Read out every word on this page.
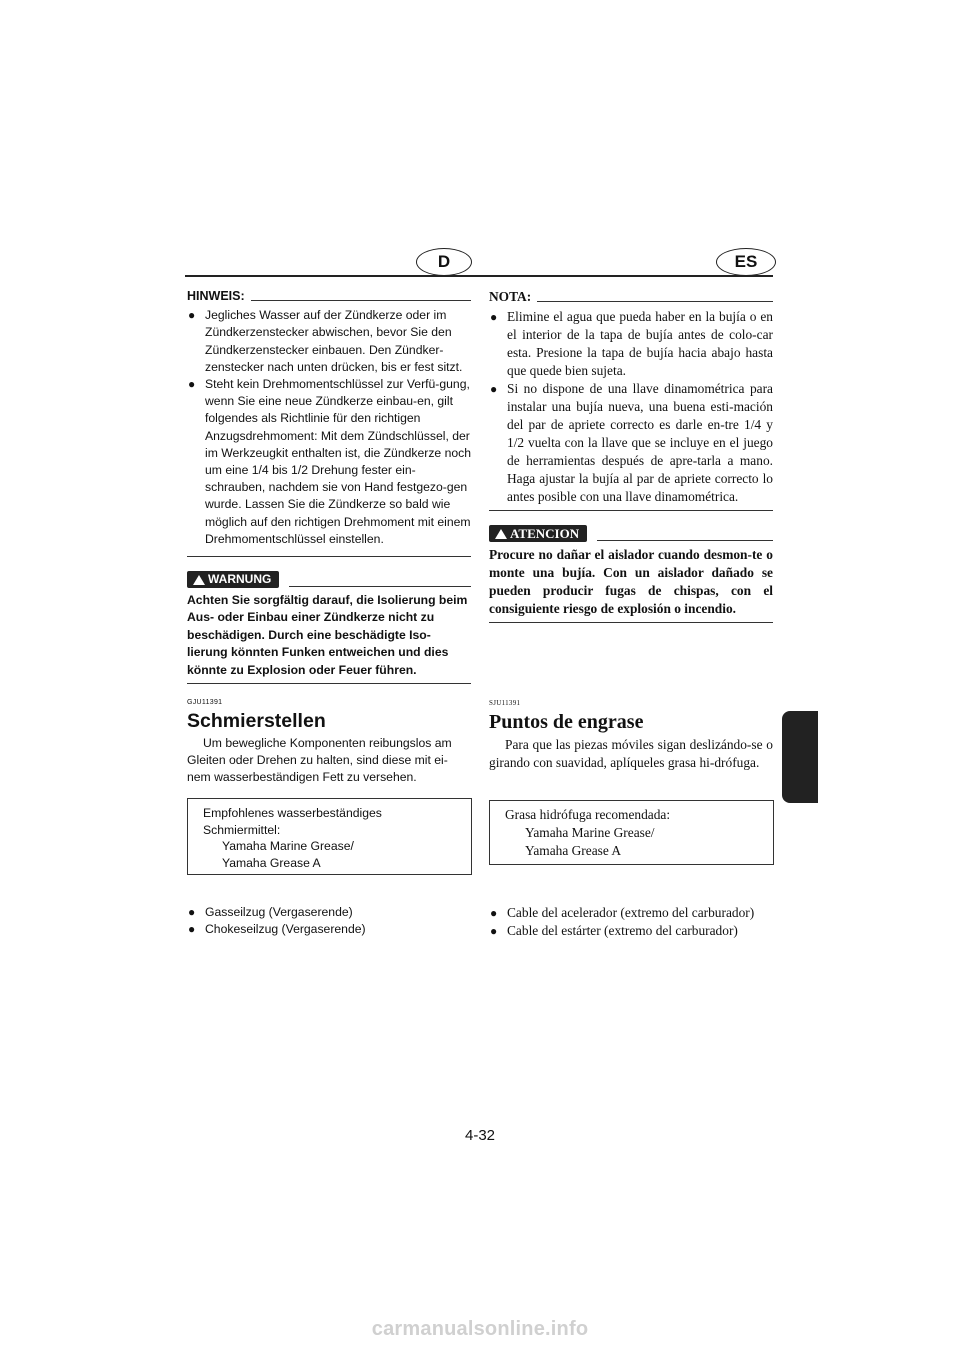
D	ES
HINWEIS:
● Jegliches Wasser auf der Zündkerze oder im Zündkerzenstecker abwischen, bevor Sie den Zündkerzenstecker einbauen. Den Zündker-zenstecker nach unten drücken, bis er fest sitzt.
● Steht kein Drehmomentschlüssel zur Verfü-gung, wenn Sie eine neue Zündkerze einbau-en, gilt folgendes als Richtlinie für den richtigen Anzugsdrehmoment: Mit dem Zündschlüssel, der im Werkzeugkit enthalten ist, die Zündkerze noch um eine 1/4 bis 1/2 Drehung fester ein-schrauben, nachdem sie von Hand festgezo-gen wurde. Lassen Sie die Zündkerze so bald wie möglich auf den richtigen Drehmoment mit einem Drehmomentschlüssel einstellen.
WARNUNG
Achten Sie sorgfältig darauf, die Isolierung beim Aus- oder Einbau einer Zündkerze nicht zu beschädigen. Durch eine beschädigte Iso-lierung könnten Funken entweichen und dies könnte zu Explosion oder Feuer führen.
GJU11391
Schmierstellen
Um bewegliche Komponenten reibungslos am Gleiten oder Drehen zu halten, sind diese mit ei-nem wasserbeständigen Fett zu versehen.
Empfohlenes wasserbeständiges
Schmiermittel:
Yamaha Marine Grease/
Yamaha Grease A
● Gasseilzug (Vergaserende)
● Chokeseilzug (Vergaserende)
NOTA:
● Elimine el agua que pueda haber en la bujía o en el interior de la tapa de bujía antes de colo-car esta. Presione la tapa de bujía hacia abajo hasta que quede bien sujeta.
● Si no dispone de una llave dinamométrica para instalar una bujía nueva, una buena esti-mación del par de apriete correcto es darle en-tre 1/4 y 1/2 vuelta con la llave que se incluye en el juego de herramientas después de apre-tarla a mano. Haga ajustar la bujía al par de apriete correcto lo antes posible con una llave dinamométrica.
ATENCION
Procure no dañar el aislador cuando desmon-te o monte una bujía. Con un aislador dañado se pueden producir fugas de chispas, con el consiguiente riesgo de explosión o incendio.
SJU11391
Puntos de engrase
Para que las piezas móviles sigan deslizándo-se o girando con suavidad, aplíqueles grasa hi-drófuga.
Grasa hidrófuga recomendada:
Yamaha Marine Grease/
Yamaha Grease A
● Cable del acelerador (extremo del carburador)
● Cable del estárter (extremo del carburador)
4-32
carmanualsonline.info
